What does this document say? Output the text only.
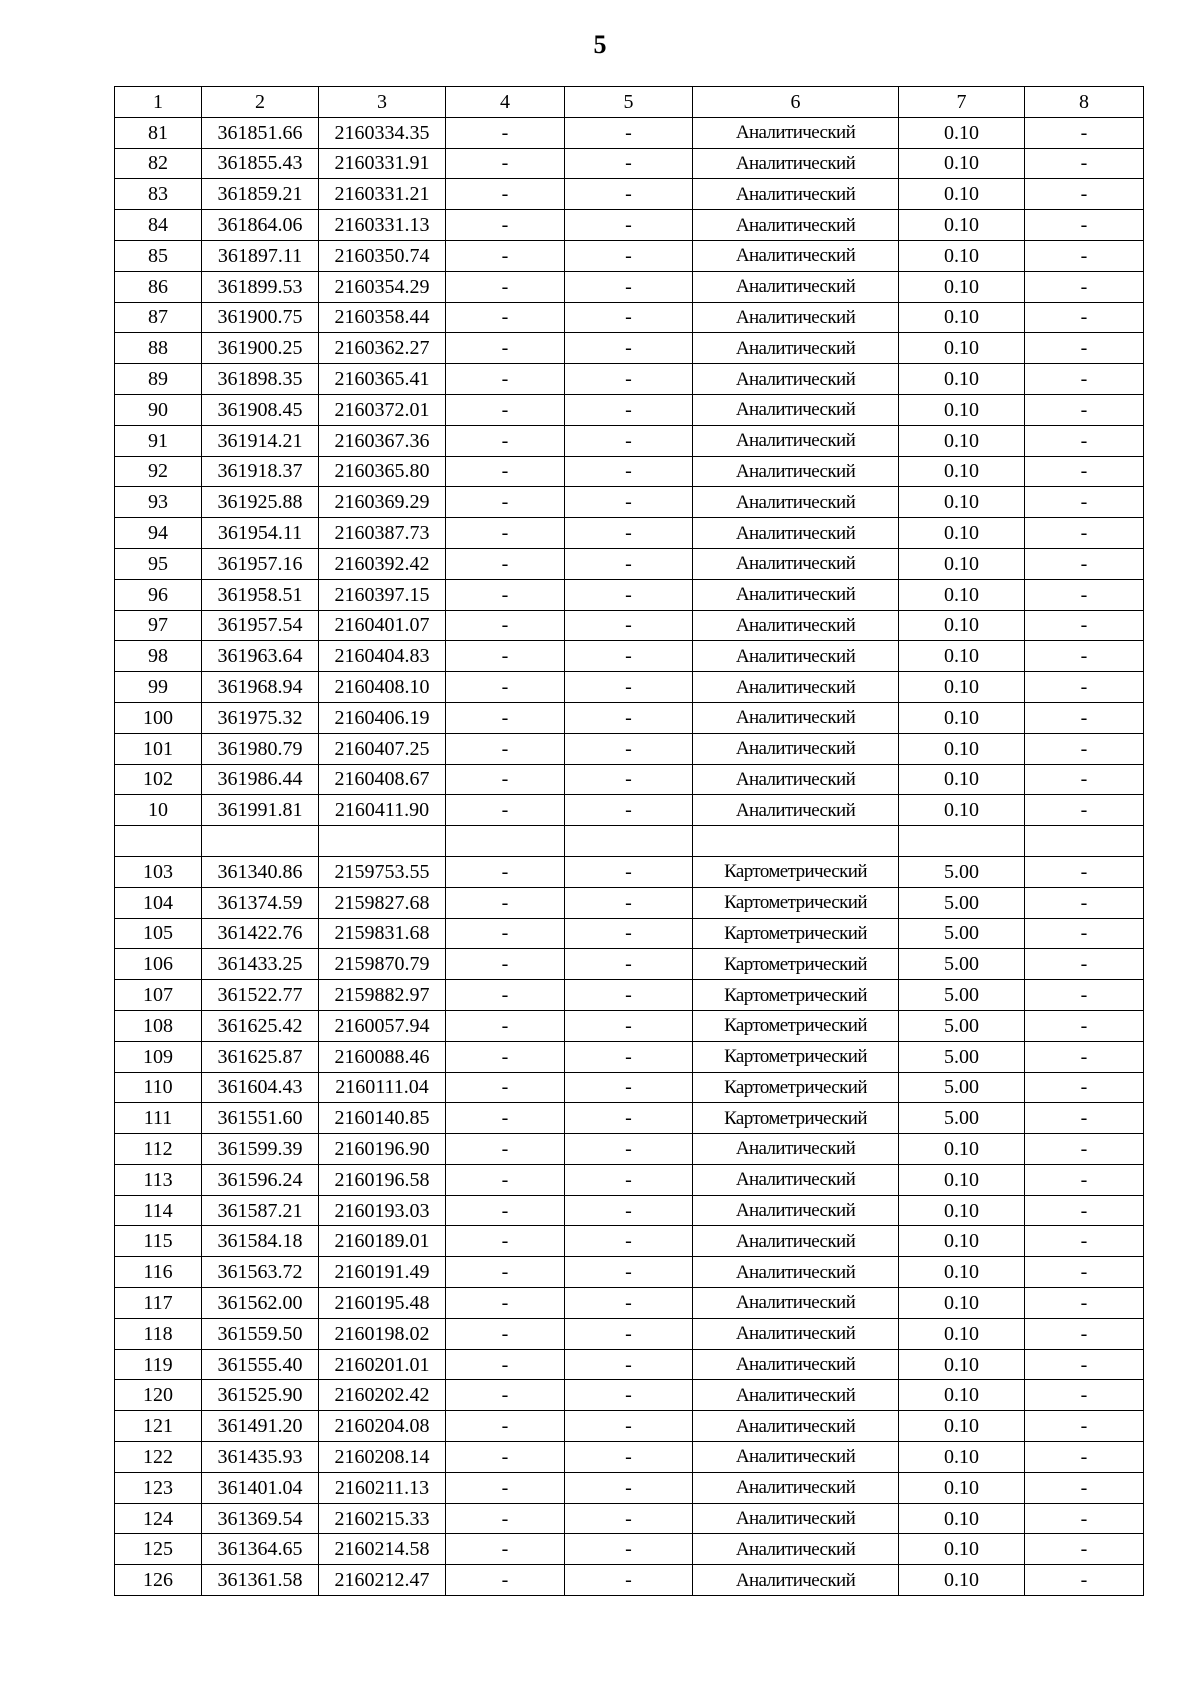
5
1	2	3	4	5	6	7	8
81	361851.66	2160334.35	-	-	Аналитический	0.10	-
82	361855.43	2160331.91	-	-	Аналитический	0.10	-
83	361859.21	2160331.21	-	-	Аналитический	0.10	-
84	361864.06	2160331.13	-	-	Аналитический	0.10	-
85	361897.11	2160350.74	-	-	Аналитический	0.10	-
86	361899.53	2160354.29	-	-	Аналитический	0.10	-
87	361900.75	2160358.44	-	-	Аналитический	0.10	-
88	361900.25	2160362.27	-	-	Аналитический	0.10	-
89	361898.35	2160365.41	-	-	Аналитический	0.10	-
90	361908.45	2160372.01	-	-	Аналитический	0.10	-
91	361914.21	2160367.36	-	-	Аналитический	0.10	-
92	361918.37	2160365.80	-	-	Аналитический	0.10	-
93	361925.88	2160369.29	-	-	Аналитический	0.10	-
94	361954.11	2160387.73	-	-	Аналитический	0.10	-
95	361957.16	2160392.42	-	-	Аналитический	0.10	-
96	361958.51	2160397.15	-	-	Аналитический	0.10	-
97	361957.54	2160401.07	-	-	Аналитический	0.10	-
98	361963.64	2160404.83	-	-	Аналитический	0.10	-
99	361968.94	2160408.10	-	-	Аналитический	0.10	-
100	361975.32	2160406.19	-	-	Аналитический	0.10	-
101	361980.79	2160407.25	-	-	Аналитический	0.10	-
102	361986.44	2160408.67	-	-	Аналитический	0.10	-
10	361991.81	2160411.90	-	-	Аналитический	0.10	-

103	361340.86	2159753.55	-	-	Картометрический	5.00	-
104	361374.59	2159827.68	-	-	Картометрический	5.00	-
105	361422.76	2159831.68	-	-	Картометрический	5.00	-
106	361433.25	2159870.79	-	-	Картометрический	5.00	-
107	361522.77	2159882.97	-	-	Картометрический	5.00	-
108	361625.42	2160057.94	-	-	Картометрический	5.00	-
109	361625.87	2160088.46	-	-	Картометрический	5.00	-
110	361604.43	2160111.04	-	-	Картометрический	5.00	-
111	361551.60	2160140.85	-	-	Картометрический	5.00	-
112	361599.39	2160196.90	-	-	Аналитический	0.10	-
113	361596.24	2160196.58	-	-	Аналитический	0.10	-
114	361587.21	2160193.03	-	-	Аналитический	0.10	-
115	361584.18	2160189.01	-	-	Аналитический	0.10	-
116	361563.72	2160191.49	-	-	Аналитический	0.10	-
117	361562.00	2160195.48	-	-	Аналитический	0.10	-
118	361559.50	2160198.02	-	-	Аналитический	0.10	-
119	361555.40	2160201.01	-	-	Аналитический	0.10	-
120	361525.90	2160202.42	-	-	Аналитический	0.10	-
121	361491.20	2160204.08	-	-	Аналитический	0.10	-
122	361435.93	2160208.14	-	-	Аналитический	0.10	-
123	361401.04	2160211.13	-	-	Аналитический	0.10	-
124	361369.54	2160215.33	-	-	Аналитический	0.10	-
125	361364.65	2160214.58	-	-	Аналитический	0.10	-
126	361361.58	2160212.47	-	-	Аналитический	0.10	-
